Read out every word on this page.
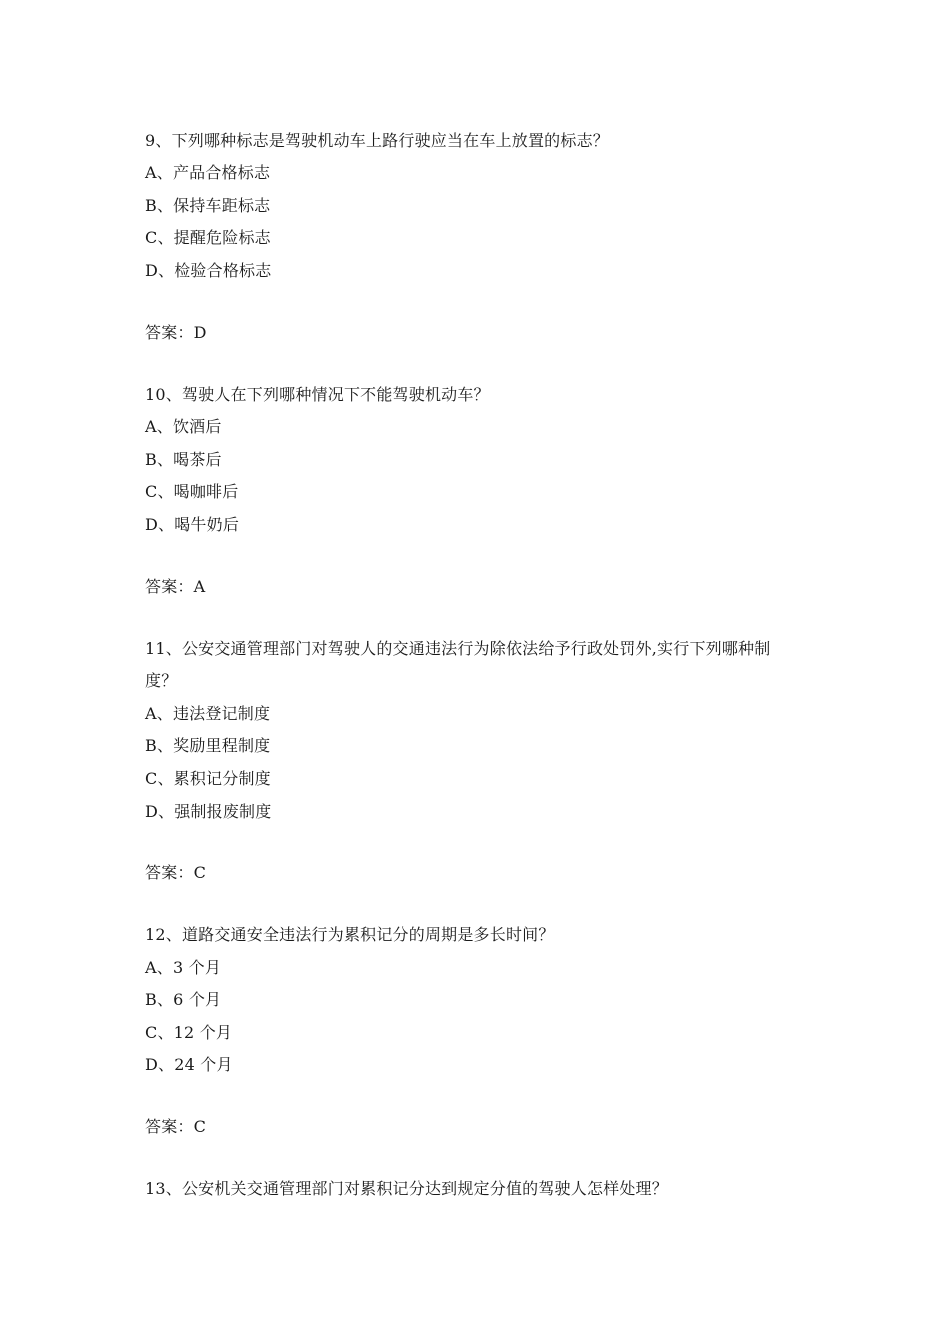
9、下列哪种标志是驾驶机动车上路行驶应当在车上放置的标志？
A、产品合格标志
B、保持车距标志
C、提醒危险标志
D、检验合格标志
答案：D
10、驾驶人在下列哪种情况下不能驾驶机动车？
A、饮酒后
B、喝茶后
C、喝咖啡后
D、喝牛奶后
答案：A
11、公安交通管理部门对驾驶人的交通违法行为除依法给予行政处罚外,实行下列哪种制
度？
A、违法登记制度
B、奖励里程制度
C、累积记分制度
D、强制报废制度
答案：C
12、道路交通安全违法行为累积记分的周期是多长时间？
A、3 个月
B、6 个月
C、12 个月
D、24 个月
答案：C
13、公安机关交通管理部门对累积记分达到规定分值的驾驶人怎样处理？
